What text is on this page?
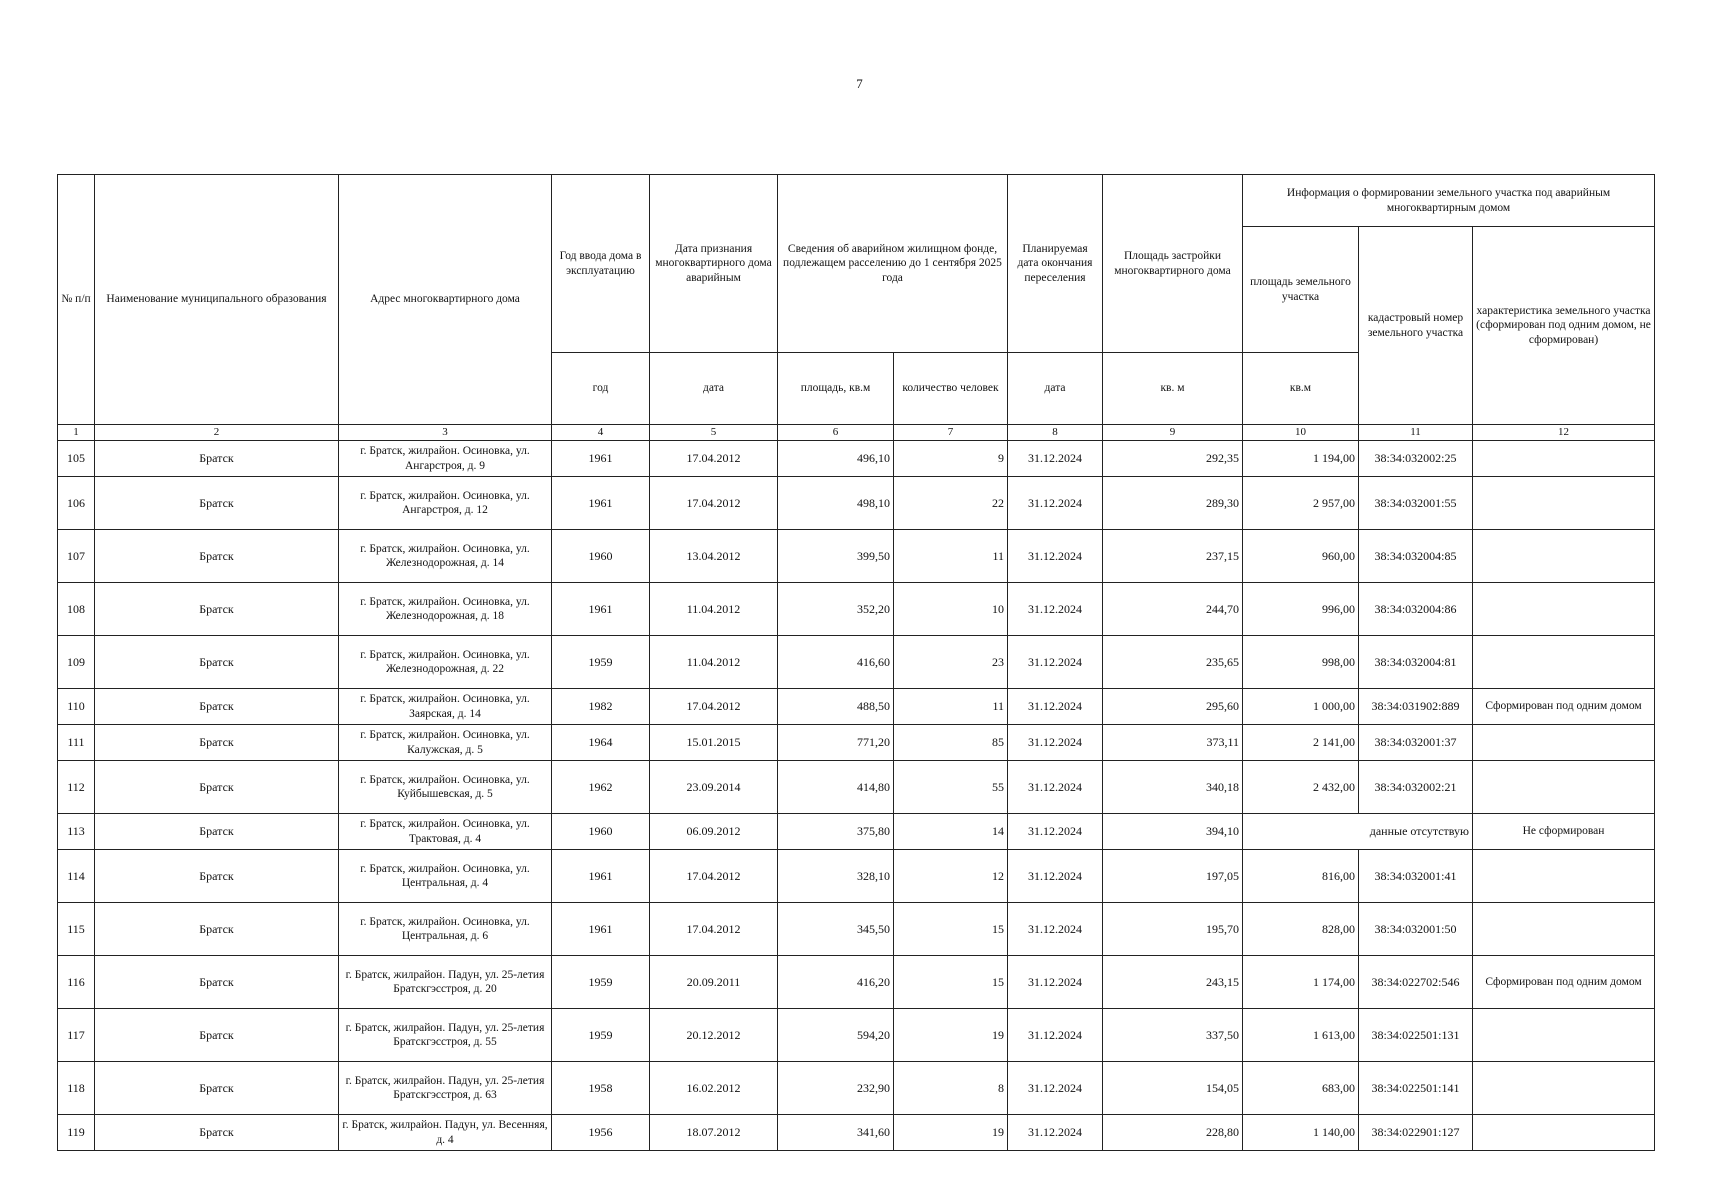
7
№ п/п	Наименование муниципального образования	Адрес многоквартирного дома	Год ввода дома в эксплуатацию	Дата признания многоквартирного дома аварийным	Сведения об аварийном жилищном фонде, подлежащем расселению до 1 сентября 2025 года		Планируемая дата окончания переселения	Площадь застройки многоквартирного дома	Информация о формировании земельного участка под аварийным многоквартирным домом		
									площадь земельного участка	кадастровый номер земельного участка	характеристика земельного участка (сформирован под одним домом, не сформирован)
			год	дата	площадь, кв.м	количество человек	дата	кв. м	кв.м		
1	2	3	4	5	6	7	8	9	10	11	12
105	Братск	г. Братск, жилрайон. Осиновка, ул. Ангарстроя, д. 9	1961	17.04.2012	496,10	9	31.12.2024	292,35	1 194,00	38:34:032002:25	
106	Братск	г. Братск, жилрайон. Осиновка, ул. Ангарстроя, д. 12	1961	17.04.2012	498,10	22	31.12.2024	289,30	2 957,00	38:34:032001:55	
107	Братск	г. Братск, жилрайон. Осиновка, ул. Железнодорожная, д. 14	1960	13.04.2012	399,50	11	31.12.2024	237,15	960,00	38:34:032004:85	
108	Братск	г. Братск, жилрайон. Осиновка, ул. Железнодорожная, д. 18	1961	11.04.2012	352,20	10	31.12.2024	244,70	996,00	38:34:032004:86	
109	Братск	г. Братск, жилрайон. Осиновка, ул. Железнодорожная, д. 22	1959	11.04.2012	416,60	23	31.12.2024	235,65	998,00	38:34:032004:81	
110	Братск	г. Братск, жилрайон. Осиновка, ул. Заярская, д. 14	1982	17.04.2012	488,50	11	31.12.2024	295,60	1 000,00	38:34:031902:889	Сформирован под одним домом
111	Братск	г. Братск, жилрайон. Осиновка, ул. Калужская, д. 5	1964	15.01.2015	771,20	85	31.12.2024	373,11	2 141,00	38:34:032001:37	
112	Братск	г. Братск, жилрайон. Осиновка, ул. Куйбышевская, д. 5	1962	23.09.2014	414,80	55	31.12.2024	340,18	2 432,00	38:34:032002:21	
113	Братск	г. Братск, жилрайон. Осиновка, ул. Трактовая, д. 4	1960	06.09.2012	375,80	14	31.12.2024	394,10	данные отсутствую		Не сформирован
114	Братск	г. Братск, жилрайон. Осиновка, ул. Центральная, д. 4	1961	17.04.2012	328,10	12	31.12.2024	197,05	816,00	38:34:032001:41	
115	Братск	г. Братск, жилрайон. Осиновка, ул. Центральная, д. 6	1961	17.04.2012	345,50	15	31.12.2024	195,70	828,00	38:34:032001:50	
116	Братск	г. Братск, жилрайон. Падун, ул. 25-летия Братскгэсстроя, д. 20	1959	20.09.2011	416,20	15	31.12.2024	243,15	1 174,00	38:34:022702:546	Сформирован под одним домом
117	Братск	г. Братск, жилрайон. Падун, ул. 25-летия Братскгэсстроя, д. 55	1959	20.12.2012	594,20	19	31.12.2024	337,50	1 613,00	38:34:022501:131	
118	Братск	г. Братск, жилрайон. Падун, ул. 25-летия Братскгэсстроя, д. 63	1958	16.02.2012	232,90	8	31.12.2024	154,05	683,00	38:34:022501:141	
119	Братск	г. Братск, жилрайон. Падун, ул. Весенняя, д. 4	1956	18.07.2012	341,60	19	31.12.2024	228,80	1 140,00	38:34:022901:127	
